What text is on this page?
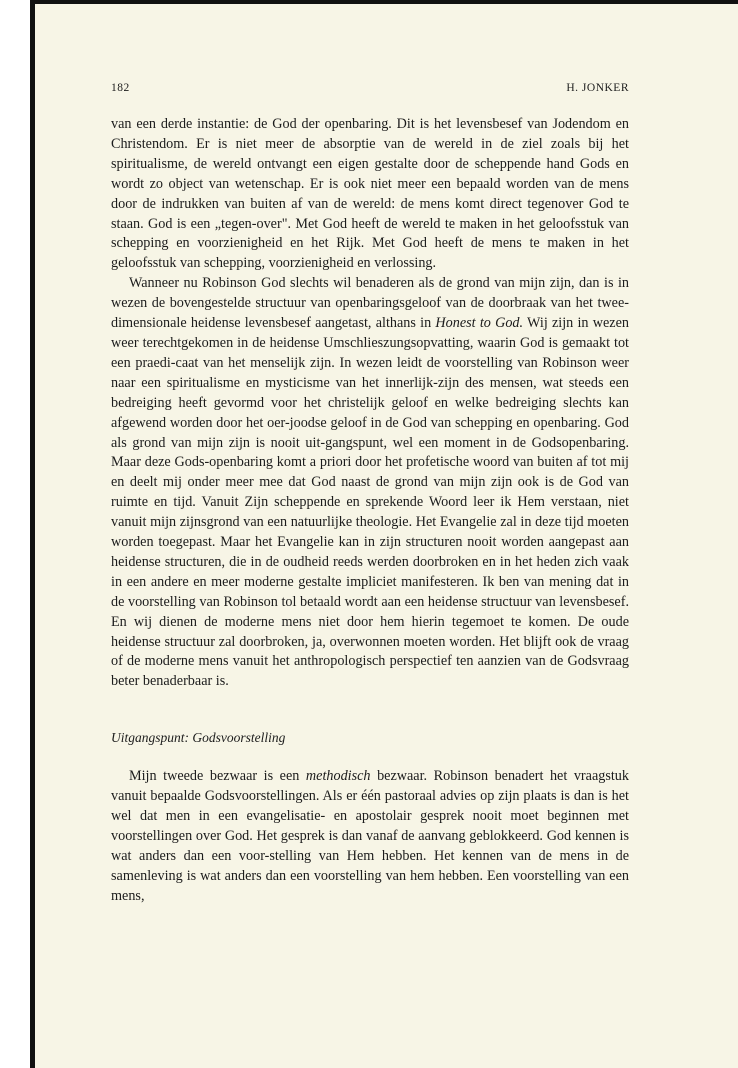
182	H. JONKER

van een derde instantie: de God der openbaring. Dit is het levensbesef van Jodendom en Christendom. Er is niet meer de absorptie van de wereld in de ziel zoals bij het spiritualisme, de wereld ontvangt een eigen gestalte door de scheppende hand Gods en wordt zo object van wetenschap. Er is ook niet meer een bepaald worden van de mens door de indrukken van buiten af van de wereld: de mens komt direct tegenover God te staan. God is een „tegen-over". Met God heeft de wereld te maken in het geloofsstuk van schepping en voorzienigheid en het Rijk. Met God heeft de mens te maken in het geloofsstuk van schepping, voorzienigheid en verlossing.

Wanneer nu Robinson God slechts wil benaderen als de grond van mijn zijn, dan is in wezen de bovengestelde structuur van openbaringsgeloof van de doorbraak van het twee-dimensionale heidense levensbesef aangetast, althans in Honest to God. Wij zijn in wezen weer terechtgekomen in de heidense Umschlieszungsopvatting, waarin God is gemaakt tot een praedi-caat van het menselijk zijn. In wezen leidt de voorstelling van Robinson weer naar een spiritualisme en mysticisme van het innerlijk-zijn des mensen, wat steeds een bedreiging heeft gevormd voor het christelijk geloof en welke bedreiging slechts kan afgewend worden door het oer-joodse geloof in de God van schepping en openbaring. God als grond van mijn zijn is nooit uit-gangspunt, wel een moment in de Godsopenbaring. Maar deze Gods-openbaring komt a priori door het profetische woord van buiten af tot mij en deelt mij onder meer mee dat God naast de grond van mijn zijn ook is de God van ruimte en tijd. Vanuit Zijn scheppende en sprekende Woord leer ik Hem verstaan, niet vanuit mijn zijnsgrond van een natuurlijke theologie. Het Evangelie zal in deze tijd moeten worden toegepast. Maar het Evangelie kan in zijn structuren nooit worden aangepast aan heidense structuren, die in de oudheid reeds werden doorbroken en in het heden zich vaak in een andere en meer moderne gestalte impliciet manifesteren. Ik ben van mening dat in de voorstelling van Robinson tol betaald wordt aan een heidense structuur van levensbesef. En wij dienen de moderne mens niet door hem hierin tegemoet te komen. De oude heidense structuur zal doorbroken, ja, overwonnen moeten worden. Het blijft ook de vraag of de moderne mens vanuit het anthropologisch perspectief ten aanzien van de Godsvraag beter benaderbaar is.

Uitgangspunt: Godsvoorstelling

Mijn tweede bezwaar is een methodisch bezwaar. Robinson benadert het vraagstuk vanuit bepaalde Godsvoorstellingen. Als er één pastoraal advies op zijn plaats is dan is het wel dat men in een evangelisatie- en apostolair gesprek nooit moet beginnen met voorstellingen over God. Het gesprek is dan vanaf de aanvang geblokkeerd. God kennen is wat anders dan een voor-stelling van Hem hebben. Het kennen van de mens in de samenleving is wat anders dan een voorstelling van hem hebben. Een voorstelling van een mens,
